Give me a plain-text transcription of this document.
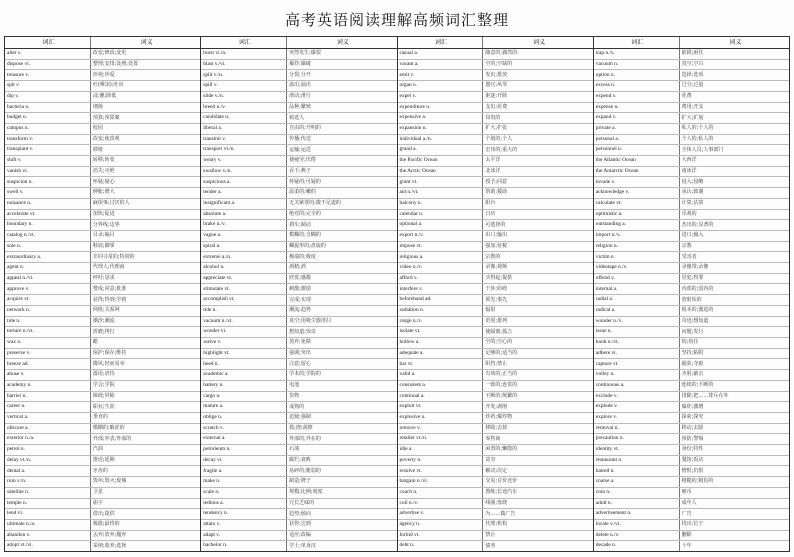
高考英语阅读理解高频词汇整理
词汇	词义
alter v.	改变;修改;变更
dispose vi.	整理;安排;处理;处置
treasure v.	珍视;珍爱
spit v.	吐(唾沫);吐出
dip v.	浸;蘸;降低
bacteria n.	细菌
budget n.	预算;预算案
campus n.	校园
transform v.	改变;使改观
transplant v.	移植
shift v.	转移;转变
vanish vi.	消失;灭绝
suspicion n.	怀疑;疑心
swell v.	肿胀;增大
nuisance n.	麻烦事;讨厌的人
accelerate vt.	加快;促进
boundary n.	分界线;边界
catalog n./vt.	目录;编目
sole n.	鞋底;脚掌
extraordinary a.	非同寻常的;特别的
agent n.	代理人;代理商
appeal n./vi.	呼吁;恳求
approve v.	赞成;同意;批准
acquire vt.	获得;得到;学到
network n.	网络;关系网
tide n.	潮汐;潮流
torture n./vt.	折磨;拷打
wax n.	蜡
preserve v.	保护;保存;维持
breeze ad.	微风;轻而易举
abuse v.	滥用;虐待
academy n.	学会;学院
barrier n.	障碍;屏障
career n.	职业;生涯
vertical a.	垂直的
obscure a.	模糊的;晦涩的
exterior n./a.	外部;外表;外部的
petrol n.	汽油
delay vt./n.	推迟;延期
dental a.	牙齿的
ruin v./n.	毁坏;毁灭;废墟
satellite n.	卫星
temple n.	庙宇
lend vi.	借出;提供
ultimate n./a.	极限;最终的
abandon v.	丢弃;放弃;抛弃
adopt vt./vi.	采纳;收养;选择
词汇	词义
burst vi./n.	突然发生;爆裂
blast v./vi.	爆炸;爆破
split v./n.	分裂;分开
spill v.	溢出;涌出
slide v./n.	滑动;滑行
breed n./v.	品种;繁殖
candidate n.	候选人
liberal a.	自由的;开明的
transmit v.	传播;传送
transport vt./n.	运输;运送
weary v.	使疲劳;厌倦
swallow v./n.	吞下;燕子
suspicious a.	怀疑的;可疑的
tender a.	温柔的;嫩的
insignificant a.	无关紧要的;微不足道的
absolute a.	绝对的;完全的
brake n./v.	刹车;制动
vague a.	模糊的;含糊的
spiral a.	螺旋形的;盘旋的
extreme a./n.	极端的;极度
alcohol n.	酒精;酒
appreciate vt.	欣赏;感激
stimulate vt.	刺激;激励
accomplish vt.	完成;实现
tide n.	潮流;趋势
vacuum n./vt.	真空;用吸尘器清扫
wonder vi.	想知道;惊奇
waive v.	放弃;免除
highlight vt.	强调;突出
heed n.	注意;留心
academic a.	学术的;学院的
battery n.	电池
cargo n.	货物
mature a.	成熟的
oblige n.	迫使;强制
scratch v.	抓;挠;刮擦
external a.	外部的;外在的
petroleum n.	石油
decay vi.	腐烂;衰败
fragile a.	易碎的;脆弱的
make n.	制造;牌子
scale n.	规模;比例;刻度
tedious a.	冗长乏味的
tendency n.	趋势;倾向
attain v.	获得;达到
adapt v.	适应;改编
bachelor n.	学士;单身汉
词汇	词义
casual a.	随意的;偶然的
vacant a.	空的;空缺的
emit v.	发出;排放
organ n.	器官;风琴
expel v.	驱逐;开除
expenditure n.	支出;花费
expensive a.	昂贵的
expansion n.	扩大;扩张
individual a./n.	个别的;个人
grand a.	宏伟的;重大的
the Pacific Ocean	太平洋
the Arctic Ocean	北冰洋
grant vt.	授予;同意
aid n./vt.	帮助;援助
balcony n.	阳台
calendar n.	日历
optional a.	可选择的
export n./v.	出口;输出
impose vt.	强加;征税
religious a.	宗教的
video n./v.	录像;视频
afford v.	买得起;提供
interfere v.	干涉;妨碍
beforehand ad.	预先;事先
radiation n.	辐射
range n./v.	范围;排列
isolate vt.	使隔离;孤立
hollow a.	空的;空心的
adequate a.	足够的;适当的
bar vt.	阻挡;禁止
valid a.	有效的;正当的
consistent a.	一致的;连贯的
continual a.	不断的;频繁的
exploit vt.	开发;剥削
explosive n.	炸药;爆炸物
remove v.	移除;去掉
retailer vt./n.	零售商
idle a.	闲置的;懒散的
poverty n.	贫穷
resolve vt.	解决;决定
bargain n./vi.	交易;讨价还价
coach n.	教练;长途汽车
coil n./v.	线圈;盘绕
advertise v.	为……做广告
agency n.	代理;机构
forbid vt.	禁止
debt n.	债务
词汇	词义
trap n./v.	陷阱;困住
vacuum n.	真空;空白
option n.	选择;选项
excess n.	过分;过量
expend v.	花费
expense n.	费用;开支
expand v.	扩大;扩展
private a.	私人的;个人的
personal a.	个人的;私人的
personnel n.	全体人员;人事部门
the Atlantic Ocean	大西洋
the Antarctic Ocean	南冰洋
invade v.	侵入;侵略
acknowledge v.	承认;致谢
calculate vt.	计算;估算
optimistic a.	乐观的
outstanding a.	杰出的;显著的
import n./v.	进口;输入
religion n.	宗教
victim n.	受害者
videotape n./v.	录像带;录像
offend v.	冒犯;得罪
internal a.	内部的;国内的
radial a.	放射状的
radical a.	根本的;激进的
wonder n./v.	奇迹;想知道
issue n.	问题;发行
hook n./vt.	钩;钩住
adhere vi.	坚持;粘附
capture vt.	捕获;夺取
volley n.	齐射;截击
continuous a.	连续的;不断的
exclude v.	排除;把……排斥在外
explode v.	爆炸;激增
explore v.	探索;探究
removal n.	移动;去除
precaution n.	预防;警惕
identity vt.	身份;特性
restaurant n.	餐馆;饭店
hatred n.	憎恨;仇恨
coarse a.	粗糙的;粗俗的
coin n.	硬币
adult n.	成年人
advertisement n.	广告
locate v./vi.	找出;位于
delete n./v.	删除
decade n.	十年
